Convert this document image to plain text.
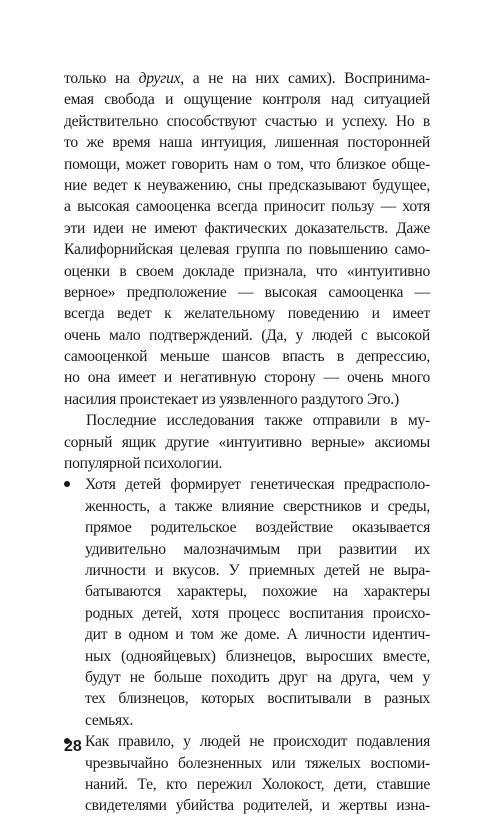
только на других, а не на них самих). Воспринима-
емая свобода и ощущение контроля над ситуацией
действительно способствуют счастью и успеху. Но в
то же время наша интуиция, лишенная посторонней
помощи, может говорить нам о том, что близкое обще-
ние ведет к неуважению, сны предсказывают будущее,
а высокая самооценка всегда приносит пользу — хотя
эти идеи не имеют фактических доказательств. Даже
Калифорнийская целевая группа по повышению само-
оценки в своем докладе признала, что «интуитивно
верное» предположение — высокая самооценка —
всегда ведет к желательному поведению и имеет
очень мало подтверждений. (Да, у людей с высокой
самооценкой меньше шансов впасть в депрессию,
но она имеет и негативную сторону — очень много
насилия проистекает из уязвленного раздутого Эго.)
Последние исследования также отправили в му-
сорный ящик другие «интуитивно верные» аксиомы
популярной психологии.
Хотя детей формирует генетическая предрасполо-
женность, а также влияние сверстников и среды,
прямое родительское воздействие оказывается
удивительно малозначимым при развитии их
личности и вкусов. У приемных детей не выра-
батываются характеры, похожие на характеры
родных детей, хотя процесс воспитания происхо-
дит в одном и том же доме. А личности идентич-
ных (однояйцевых) близнецов, выросших вместе,
будут не больше походить друг на друга, чем у
тех близнецов, которых воспитывали в разных
семьях.
Как правило, у людей не происходит подавления
чрезвычайно болезненных или тяжелых воспоми-
наний. Те, кто пережил Холокост, дети, ставшие
свидетелями убийства родителей, и жертвы изна-
28
